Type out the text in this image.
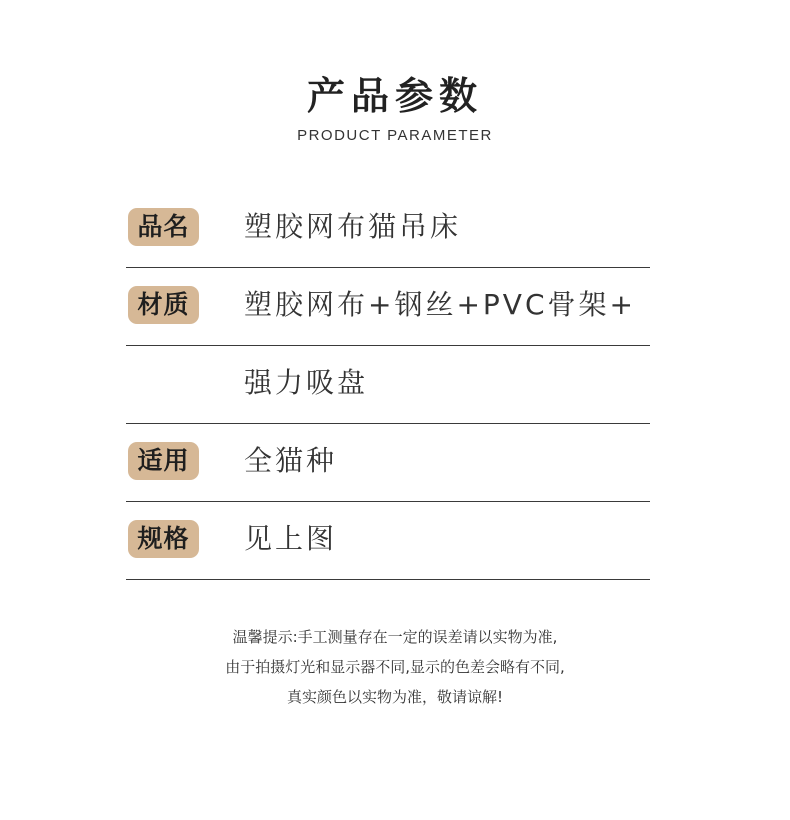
产品参数
PRODUCT PARAMETER
品名	塑胶网布猫吊床
材质	塑胶网布+钢丝+PVC骨架+
强力吸盘
适用	全猫种
规格	见上图
温馨提示:手工测量存在一定的误差请以实物为准,
由于拍摄灯光和显示器不同,显示的色差会略有不同,
真实颜色以实物为准，敬请谅解!
